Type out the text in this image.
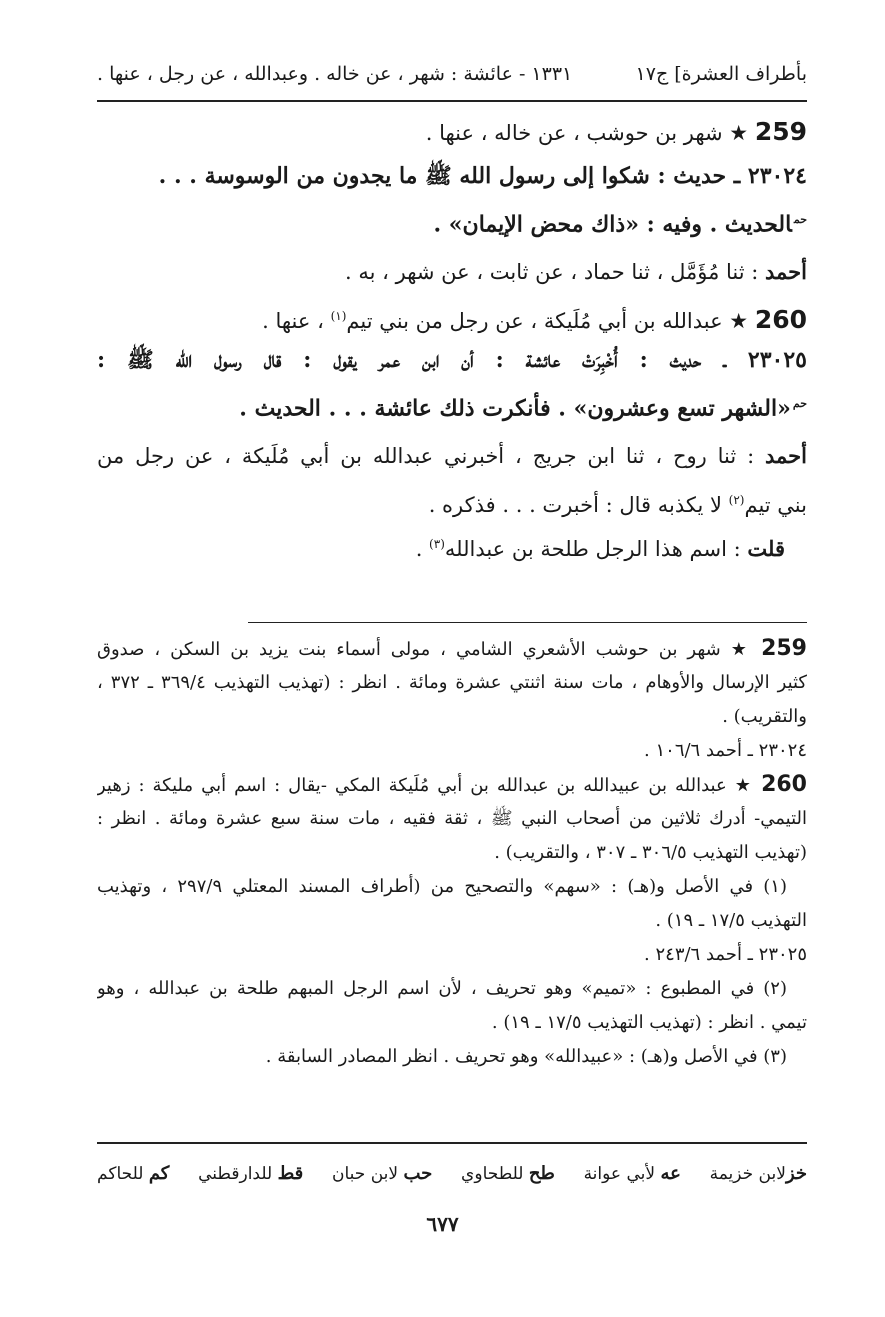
بأطراف العشرة] ج١٧
١٣٣١ - عائشة : شهر ، عن خاله . وعبدالله ، عن رجل ، عنها .
259 ★ شهر بن حوشب ، عن خاله ، عنها .
٢٣٠٢٤ ـ حديث : شكوا إلى رسول الله ﷺ ما يجدون من الوسوسة . . .
$^{حم}$الحديث . وفيه : «ذاك محض الإيمان» .
أحمد : ثنا مُؤَمَّل ، ثنا حماد ، عن ثابت ، عن شهر ، به .
260 ★ عبدالله بن أبي مُلَيكة ، عن رجل من بني تيم$^{(١)}$ ، عنها .
٢٣٠٢٥ ـ حديث : أُخْبِرَتْ عائشة : أن ابن عمر يقول : قال رسول الله ﷺ :
$^{حم}$«الشهر تسع وعشرون» . فأنكرت ذلك عائشة . . . الحديث .
أحمد : ثنا روح ، ثنا ابن جريج ، أخبرني عبدالله بن أبي مُلَيكة ، عن رجل من
بني تيم$^{(٢)}$ لا يكذبه قال : أخبرت . . . فذكره .
قلت : اسم هذا الرجل طلحة بن عبدالله$^{(٣)}$ .
259 ★ شهر بن حوشب الأشعري الشامي ، مولى أسماء بنت يزيد بن السكن ، صدوق
كثير الإرسال والأوهام ، مات سنة اثنتي عشرة ومائة . انظر : (تهذيب التهذيب ٣٦٩/٤ ـ ٣٧٢ ،
والتقريب) .
٢٣٠٢٤ ـ أحمد ١٠٦/٦ .
260 ★ عبدالله بن عبيدالله بن عبدالله بن أبي مُلَيكة المكي -يقال : اسم أبي مليكة : زهير
التيمي- أدرك ثلاثين من أصحاب النبي ﷺ ، ثقة فقيه ، مات سنة سبع عشرة ومائة . انظر :
(تهذيب التهذيب ٣٠٦/٥ ـ ٣٠٧ ، والتقريب) .
(١) في الأصل و(هـ) : «سهم» والتصحيح من (أطراف المسند المعتلي ٢٩٧/٩ ، وتهذيب
التهذيب ١٧/٥ ـ ١٩) .
٢٣٠٢٥ ـ أحمد ٢٤٣/٦ .
(٢) في المطبوع : «تميم» وهو تحريف ، لأن اسم الرجل المبهم طلحة بن عبدالله ، وهو
تيمي . انظر : (تهذيب التهذيب ١٧/٥ ـ ١٩) .
(٣) في الأصل و(هـ) : «عبيدالله» وهو تحريف . انظر المصادر السابقة .
خزلابن خزيمة
عه لأبي عوانة
طح للطحاوي
حب لابن حبان
قط للدارقطني
كم للحاكم
٦٧٧
